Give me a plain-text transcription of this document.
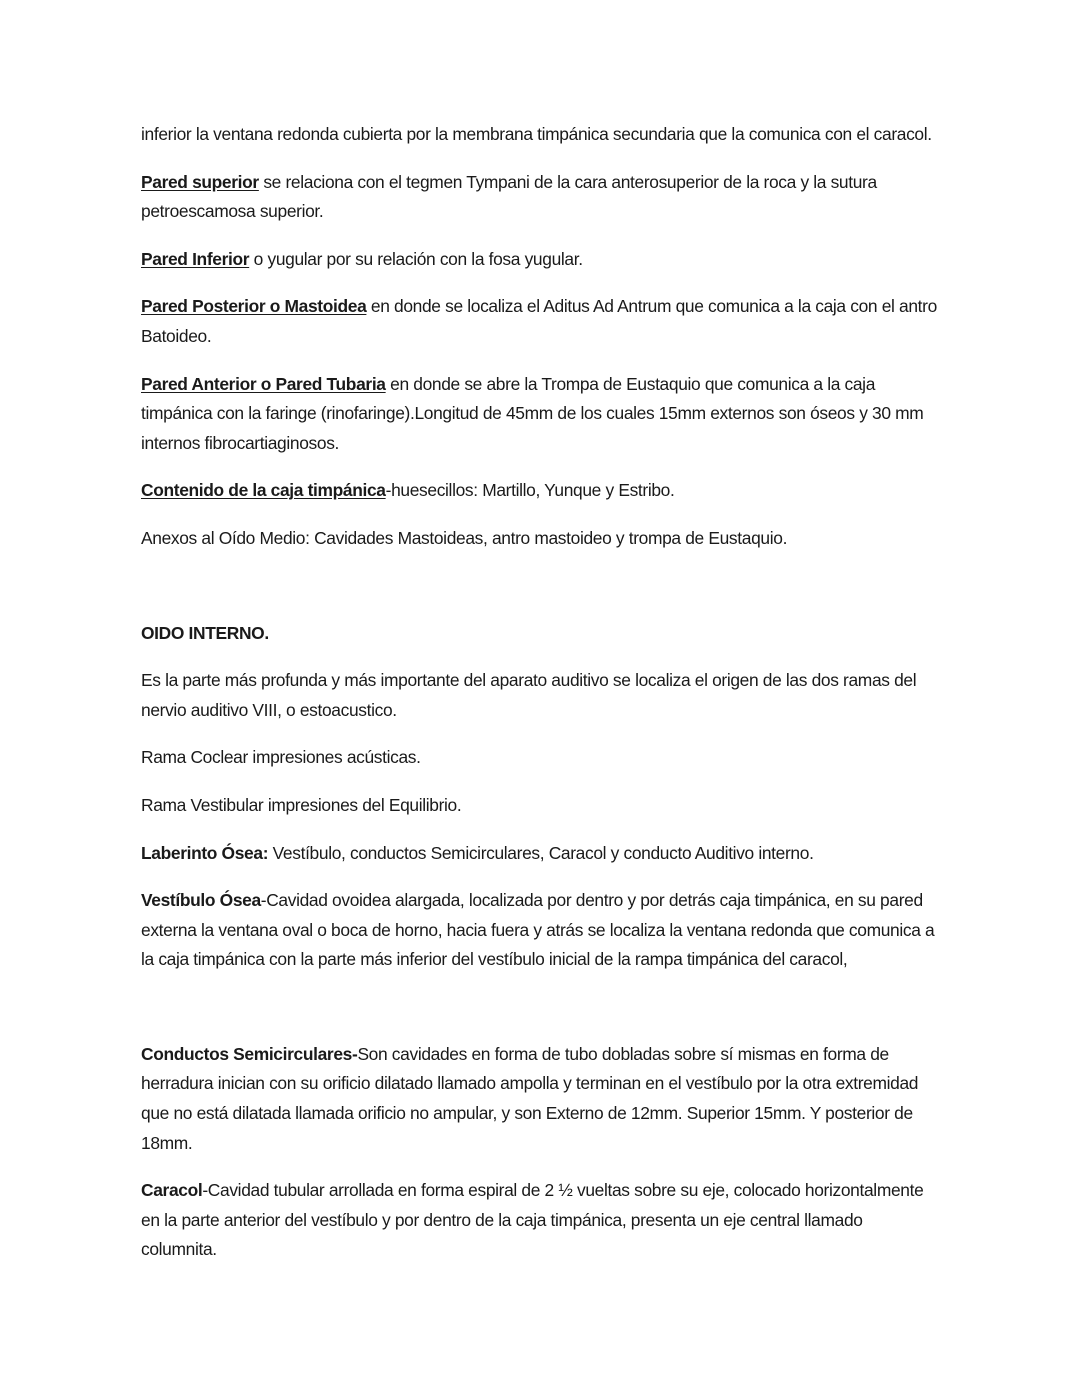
inferior la ventana redonda cubierta por la membrana timpánica secundaria que la comunica con el caracol.

Pared superior se relaciona con el tegmen Tympani de la cara anterosuperior de la roca y la sutura petroescamosa superior.

Pared Inferior o yugular por su relación con la fosa yugular.

Pared Posterior o Mastoidea en donde se localiza el Aditus Ad Antrum que comunica a la caja con el antro Batoideo.

Pared Anterior o Pared Tubaria en donde se abre la Trompa de Eustaquio que comunica a la caja timpánica con la faringe (rinofaringe).Longitud de 45mm de los cuales 15mm externos son óseos y 30 mm internos fibrocartiaginosos.

Contenido de la caja timpánica-huesecillos: Martillo, Yunque y Estribo.

Anexos al Oído Medio: Cavidades Mastoideas, antro mastoideo y trompa de Eustaquio.

OIDO INTERNO.

Es la parte más profunda y más importante del aparato auditivo se localiza el origen de las dos ramas del nervio auditivo VIII, o estoacustico.

Rama Coclear impresiones acústicas.

Rama Vestibular impresiones del Equilibrio.

Laberinto Ósea: Vestíbulo, conductos Semicirculares, Caracol y conducto Auditivo interno.

Vestíbulo Ósea-Cavidad ovoidea alargada, localizada por dentro y por detrás caja timpánica, en su pared externa la ventana oval o boca de horno, hacia fuera y atrás se localiza la ventana redonda que comunica a la caja timpánica con la parte más inferior del vestíbulo inicial de la rampa timpánica del caracol,

Conductos Semicirculares-Son cavidades en forma de tubo dobladas sobre sí mismas en forma de herradura inician con su orificio dilatado llamado ampolla y terminan en el vestíbulo por la otra extremidad que no está dilatada llamada orificio no ampular, y son Externo de 12mm. Superior 15mm. Y posterior de 18mm.

Caracol-Cavidad tubular arrollada en forma espiral de 2 ½ vueltas sobre su eje, colocado horizontalmente en la parte anterior del vestíbulo y por dentro de la caja timpánica, presenta un eje central llamado columnita.
